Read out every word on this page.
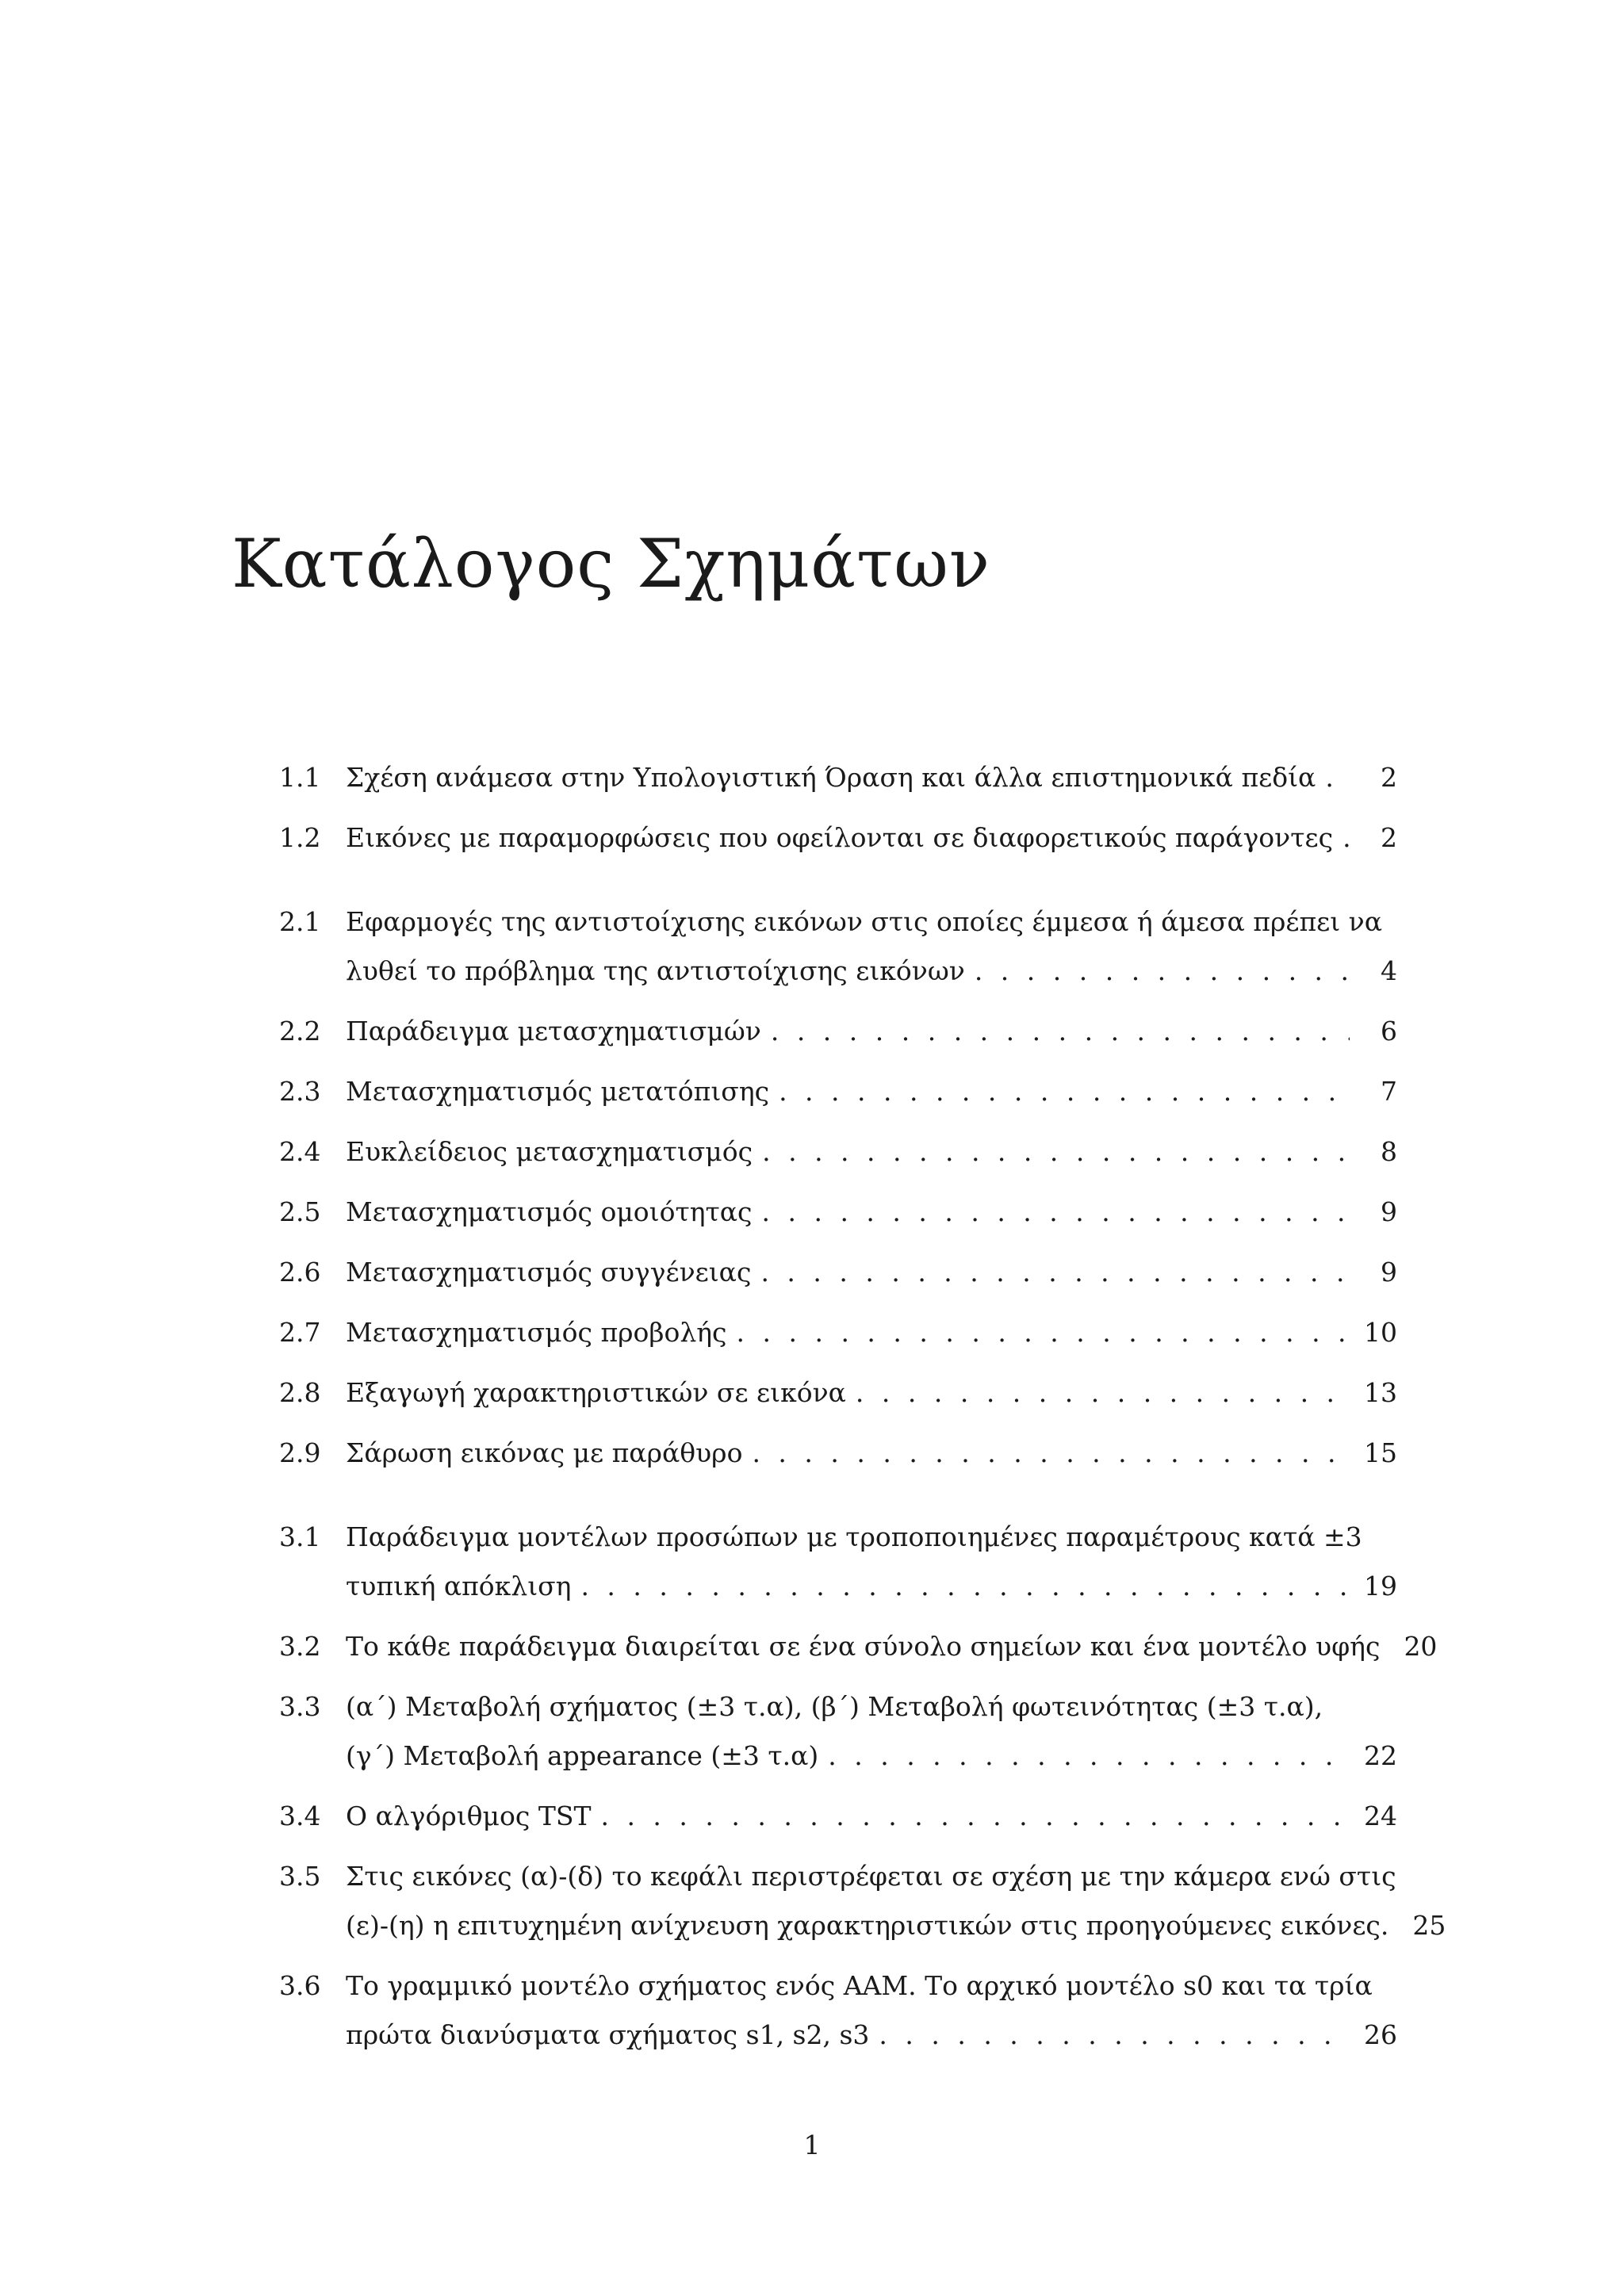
Κατάλογος Σχημάτων
1.1 Σχέση ανάμεσα στην Υπολογιστική Όραση και άλλα επιστημονικά πεδία . . .	2
1.2 Εικόνες με παραμορφώσεις που οφείλονται σε διαφορετικούς παράγοντες . . .	2
2.1 Εφαρμογές της αντιστοίχισης εικόνων στις οποίες έμμεσα ή άμεσα πρέπει να
λυθεί το πρόβλημα της αντιστοίχισης εικόνων . . .	4
2.2 Παράδειγμα μετασχηματισμών . . .	6
2.3 Μετασχηματισμός μετατόπισης . . .	7
2.4 Ευκλείδειος μετασχηματισμός . . .	8
2.5 Μετασχηματισμός ομοιότητας . . .	9
2.6 Μετασχηματισμός συγγένειας . . .	9
2.7 Μετασχηματισμός προβολής . . .	10
2.8 Εξαγωγή χαρακτηριστικών σε εικόνα . . .	13
2.9 Σάρωση εικόνας με παράθυρο . . .	15
3.1 Παράδειγμα μοντέλων προσώπων με τροποποιημένες παραμέτρους κατά ±3
τυπική απόκλιση . . .	19
3.2 Το κάθε παράδειγμα διαιρείται σε ένα σύνολο σημείων και ένα μοντέλο υφής 20
3.3 (α΄) Μεταβολή σχήματος (±3 τ.α), (β΄) Μεταβολή φωτεινότητας (±3 τ.α),
(γ΄) Μεταβολή appearance (±3 τ.α) . . .	22
3.4 Ο αλγόριθμος TST . . .	24
3.5 Στις εικόνες (α)-(δ) το κεφάλι περιστρέφεται σε σχέση με την κάμερα ενώ στις
(ε)-(η) η επιτυχημένη ανίχνευση χαρακτηριστικών στις προηγούμενες εικόνες. 25
3.6 Το γραμμικό μοντέλο σχήματος ενός AAM. Το αρχικό μοντέλο s0 και τα τρία
πρώτα διανύσματα σχήματος s1, s2, s3 . . .	26
1
